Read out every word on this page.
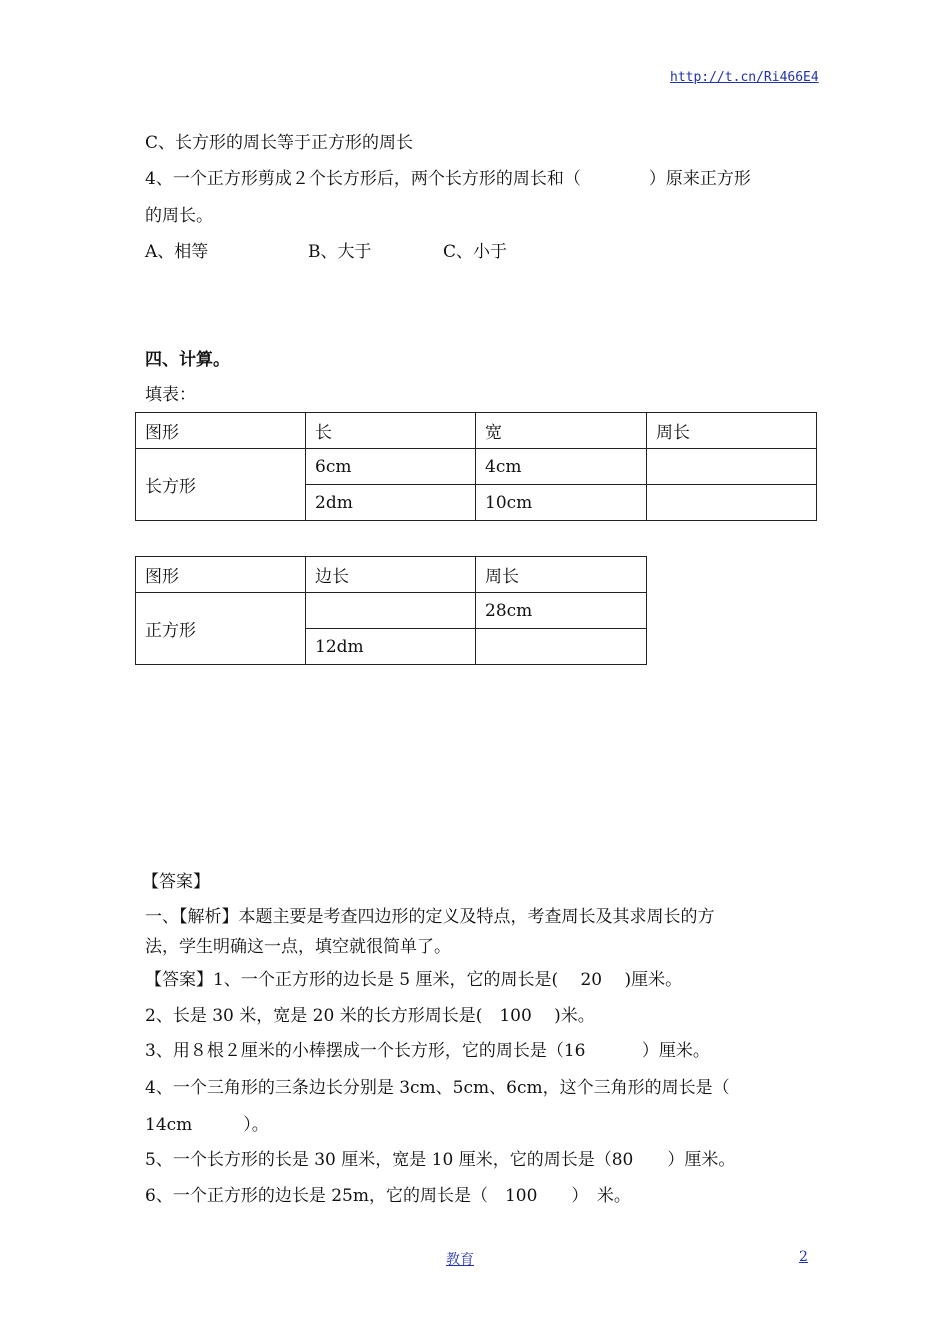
http://t.cn/Ri466E4
C、长方形的周长等于正方形的周长
4、一个正方形剪成２个长方形后，两个长方形的周长和（　　　　）原来正方形
的周长。
A、相等	B、大于	C、小于
四、计算。
填表：
图形	长	宽	周长
长方形	6cm	4cm	
	2dm	10cm	
图形	边长	周长
正方形		28cm
	12dm	
【答案】
一、【解析】本题主要是考查四边形的定义及特点，考查周长及其求周长的方
法，学生明确这一点，填空就很简单了。
【答案】1、一个正方形的边长是 5 厘米，它的周长是(　 20 　)厘米。
2、长是 30 米，宽是 20 米的长方形周长是(　100 　)米。
3、用８根２厘米的小棒摆成一个长方形，它的周长是（16　　　 ）厘米。
4、一个三角形的三条边长分别是 3cm、5cm、6cm，这个三角形的周长是（
14cm　　　）。
5、一个长方形的长是 30 厘米，宽是 10 厘米，它的周长是（80　　）厘米。
6、一个正方形的边长是 25m，它的周长是（　100　　）　米。
教育	2
